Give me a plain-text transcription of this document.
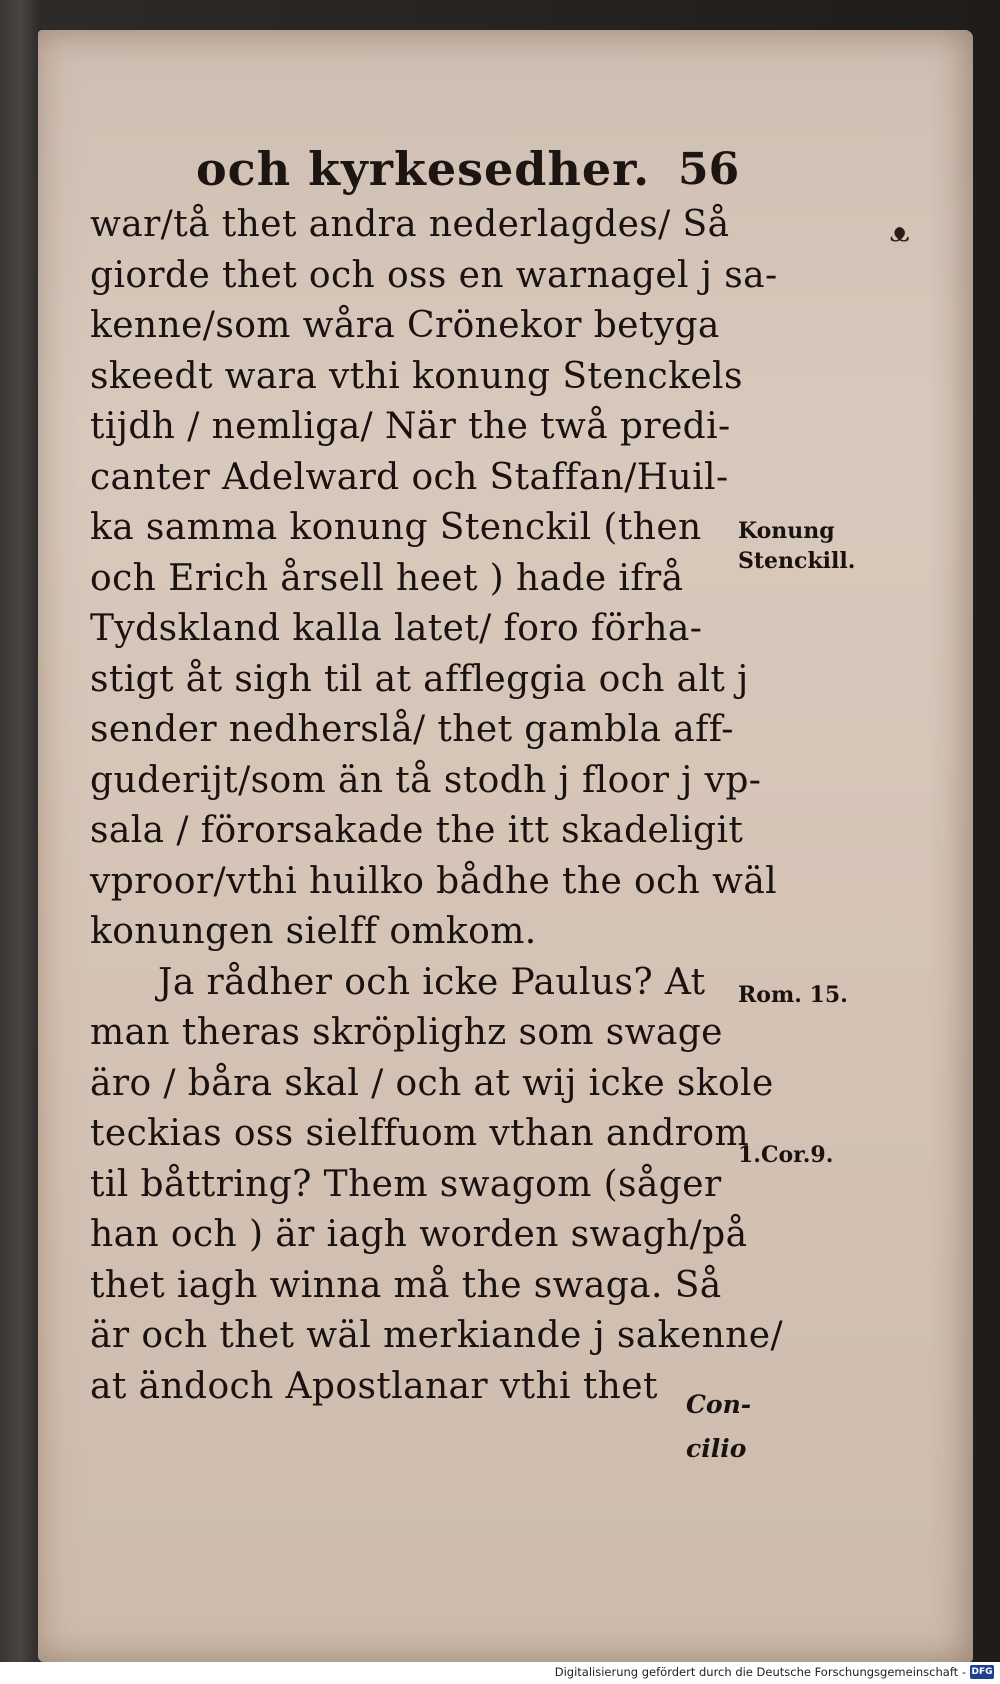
och kyrkesedher. 56
ᴥ
war/tå thet andra nederlagdes/ Så
giorde thet och oss en warnagel j sa-
kenne/som wåra Crönekor betyga
skeedt wara vthi konung Stenckels
tijdh / nemliga/ När the twå predi-
canter Adelward och Staffan/Huil-
ka samma konung Stenckil (then
och Erich årsell heet ) hade ifrå
Tydskland kalla latet/ foro förha-
stigt åt sigh til at affleggia och alt j
sender nedherslå/ thet gambla aff-
guderijt/som än tå stodh j floor j vp-
sala / förorsakade the itt skadeligit
vproor/vthi huilko bådhe the och wäl
konungen sielff omkom.
Ja rådher och icke Paulus? At
man theras skröplighz som swage
äro / båra skal / och at wij icke skole
teckias oss sielffuom vthan androm
til båttring? Them swagom (såger
han och ) är iagh worden swagh/på
thet iagh winna må the swaga. Så
är och thet wäl merkiande j sakenne/
at ändoch Apostlanar vthi thet	Con-
cilio
Konung
Stenckill.
Rom. 15.
1.Cor.9.
Digitalisierung gefördert durch die Deutsche Forschungsgemeinschaft - DFG
